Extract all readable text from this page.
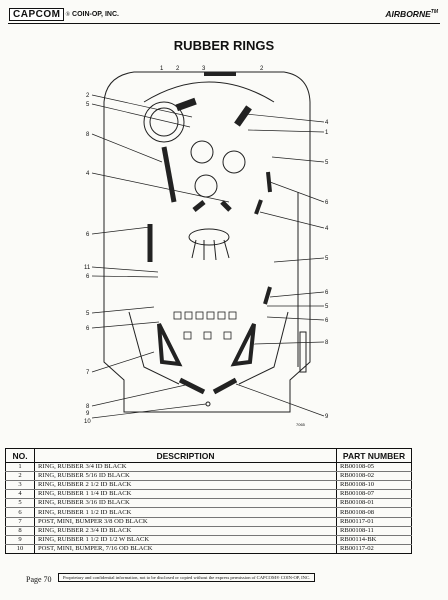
CAPCOM ® COIN-OP, INC.	AIRBORNE™
RUBBER RINGS
2
5
8
4
6
11
6
5
6
7
8
9
10
1 2	3	2
4
1
5
6
4
5
6
5
6
8
9
7065
NO.	DESCRIPTION	PART NUMBER
1	RING, RUBBER 3/4 ID BLACK	RB00108-05
2	RING, RUBBER 5/16 ID BLACK	RB00108-02
3	RING, RUBBER 2 1/2 ID BLACK	RB00108-10
4	RING, RUBBER 1 1/4 ID BLACK	RB00108-07
5	RING, RUBBER 3/16 ID BLACK	RB00108-01
6	RING, RUBBER 1 1/2 ID BLACK	RB00108-08
7	POST, MINI, BUMPER 3/8 OD BLACK	RB00117-01
8	RING, RUBBER 2 3/4 ID BLACK	RB00108-11
9	RING, RUBBER 1 1/2 ID 1/2 W BLACK	RB00114-BK
10	POST, MINI, BUMPER, 7/16 OD BLACK	RB00117-02
Page 70	Proprietary and confidential information, not to be disclosed or copied without the express permission of CAPCOM® COIN-OP, INC.
